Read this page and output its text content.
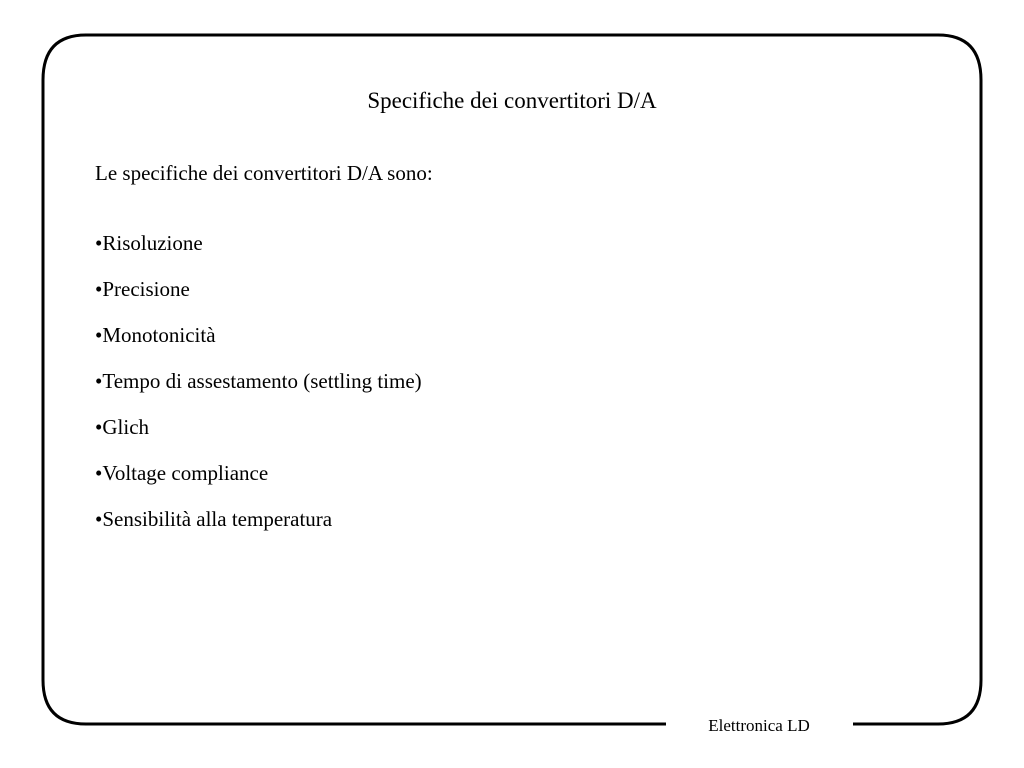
Specifiche dei convertitori D/A
Le specifiche dei convertitori D/A sono:
•Risoluzione
•Precisione
•Monotonicità
•Tempo di assestamento (settling time)
•Glich
•Voltage compliance
•Sensibilità alla temperatura
Elettronica LD
